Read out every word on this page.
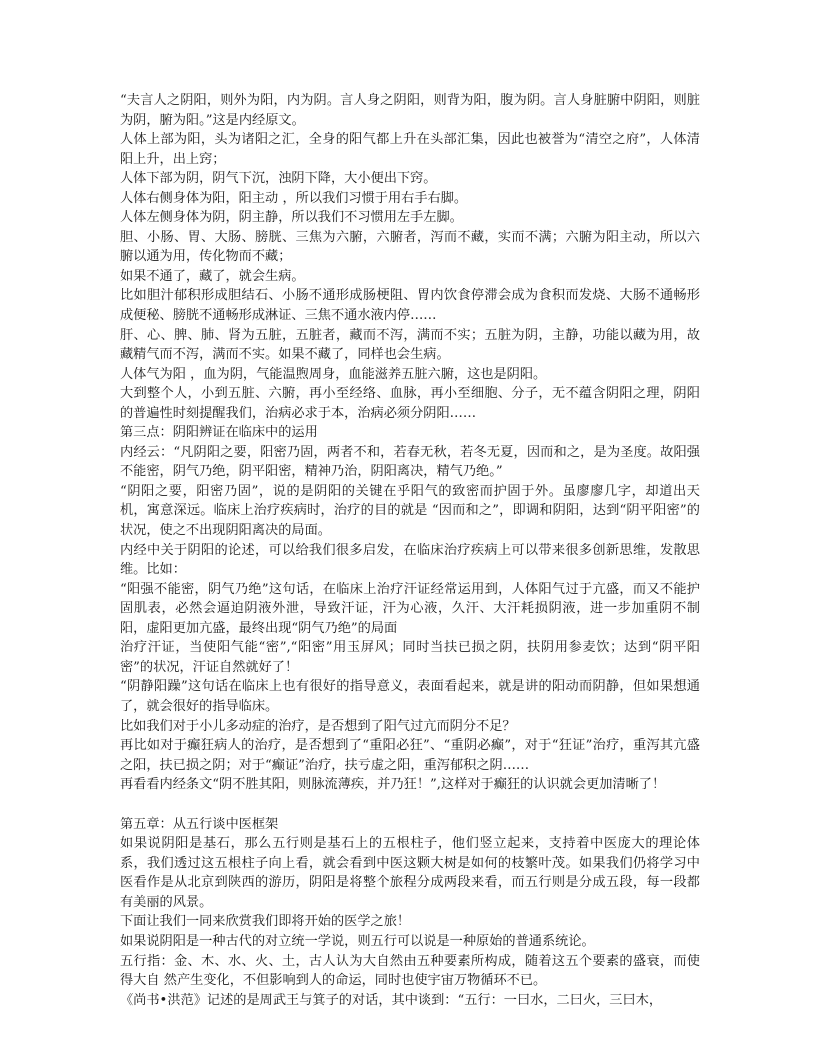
“夫言人之阴阳，则外为阳，内为阴。言人身之阴阳，则背为阳，腹为阴。言人身脏腑中阴阳，则脏为阴，腑为阳。”这是内经原文。

人体上部为阳，头为诸阳之汇，全身的阳气都上升在头部汇集，因此也被誉为“清空之府”，人体清阳上升，出上窍；

人体下部为阴，阴气下沉，浊阴下降，大小便出下窍。

人体右侧身体为阳，阳主动 ，所以我们习惯于用右手右脚。

人体左侧身体为阴，阴主静，所以我们不习惯用左手左脚。

胆、小肠、胃、大肠、膀胱、三焦为六腑，六腑者，泻而不藏，实而不满；六腑为阳主动，所以六腑以通为用，传化物而不藏；

如果不通了，藏了，就会生病。

比如胆汁郁积形成胆结石、小肠不通形成肠梗阻、胃内饮食停滞会成为食积而发烧、大肠不通畅形成便秘、膀胱不通畅形成淋证、三焦不通水液内停……

肝、心、脾、肺、肾为五脏，五脏者，藏而不泻，满而不实；五脏为阴，主静，功能以藏为用，故藏精气而不泻，满而不实。如果不藏了，同样也会生病。

人体气为阳 ，血为阴，气能温煦周身，血能滋养五脏六腑，这也是阴阳。

大到整个人，小到五脏、六腑，再小至经络、血脉，再小至细胞、分子，无不蕴含阴阳之理，阴阳的普遍性时刻提醒我们，治病必求于本，治病必须分阴阳……

第三点：阴阳辨证在临床中的运用

内经云：“凡阴阳之要，阳密乃固，两者不和，若春无秋，若冬无夏，因而和之，是为圣度。故阳强不能密，阴气乃绝，阴平阳密，精神乃治，阴阳离决，精气乃绝。”

“阴阳之要，阳密乃固”，说的是阴阳的关键在乎阳气的致密而护固于外。虽廖廖几字，却道出天机，寓意深远。临床上治疗疾病时，治疗的目的就是 “因而和之”，即调和阴阳，达到“阴平阳密”的状况，使之不出现阴阳离决的局面。

内经中关于阴阳的论述，可以给我们很多启发，在临床治疗疾病上可以带来很多创新思维，发散思维。比如：

“阳强不能密，阴气乃绝”这句话，在临床上治疗汗证经常运用到，人体阳气过于亢盛，而又不能护固肌表，必然会逼迫阴液外泄，导致汗证，汗为心液，久汗、大汗耗损阴液，进一步加重阴不制阳，虚阳更加亢盛，最终出现“阴气乃绝”的局面

治疗汗证，当使阳气能“密”,“阳密”用玉屏风；同时当扶已损之阴，扶阴用参麦饮；达到“阴平阳密”的状况，汗证自然就好了！

“阴静阳躁”这句话在临床上也有很好的指导意义，表面看起来，就是讲的阳动而阴静，但如果想通了，就会很好的指导临床。

比如我们对于小儿多动症的治疗，是否想到了阳气过亢而阴分不足？

再比如对于癫狂病人的治疗，是否想到了“重阳必狂”、“重阴必癫”，对于“狂证”治疗，重泻其亢盛之阳，扶已损之阴；对于“癫证”治疗，扶亏虚之阳，重泻郁积之阴……

再看看内经条文“阴不胜其阳，则脉流薄疾，并乃狂！”,这样对于癫狂的认识就会更加清晰了！

第五章：从五行谈中医框架

如果说阴阳是基石，那么五行则是基石上的五根柱子，他们竖立起来，支持着中医庞大的理论体系，我们透过这五根柱子向上看，就会看到中医这颗大树是如何的枝繁叶茂。如果我们仍将学习中医看作是从北京到陕西的游历，阴阳是将整个旅程分成两段来看，而五行则是分成五段，每一段都有美丽的风景。

下面让我们一同来欣赏我们即将开始的医学之旅！

如果说阴阳是一种古代的对立统一学说，则五行可以说是一种原始的普通系统论。

五行指：金、木、水、火、土，古人认为大自然由五种要素所构成，随着这五个要素的盛衰，而使得大自 然产生变化，不但影响到人的命运，同时也使宇宙万物循环不已。

《尚书•洪范》记述的是周武王与箕子的对话，其中谈到：“五行：一曰水，二曰火，三曰木，
